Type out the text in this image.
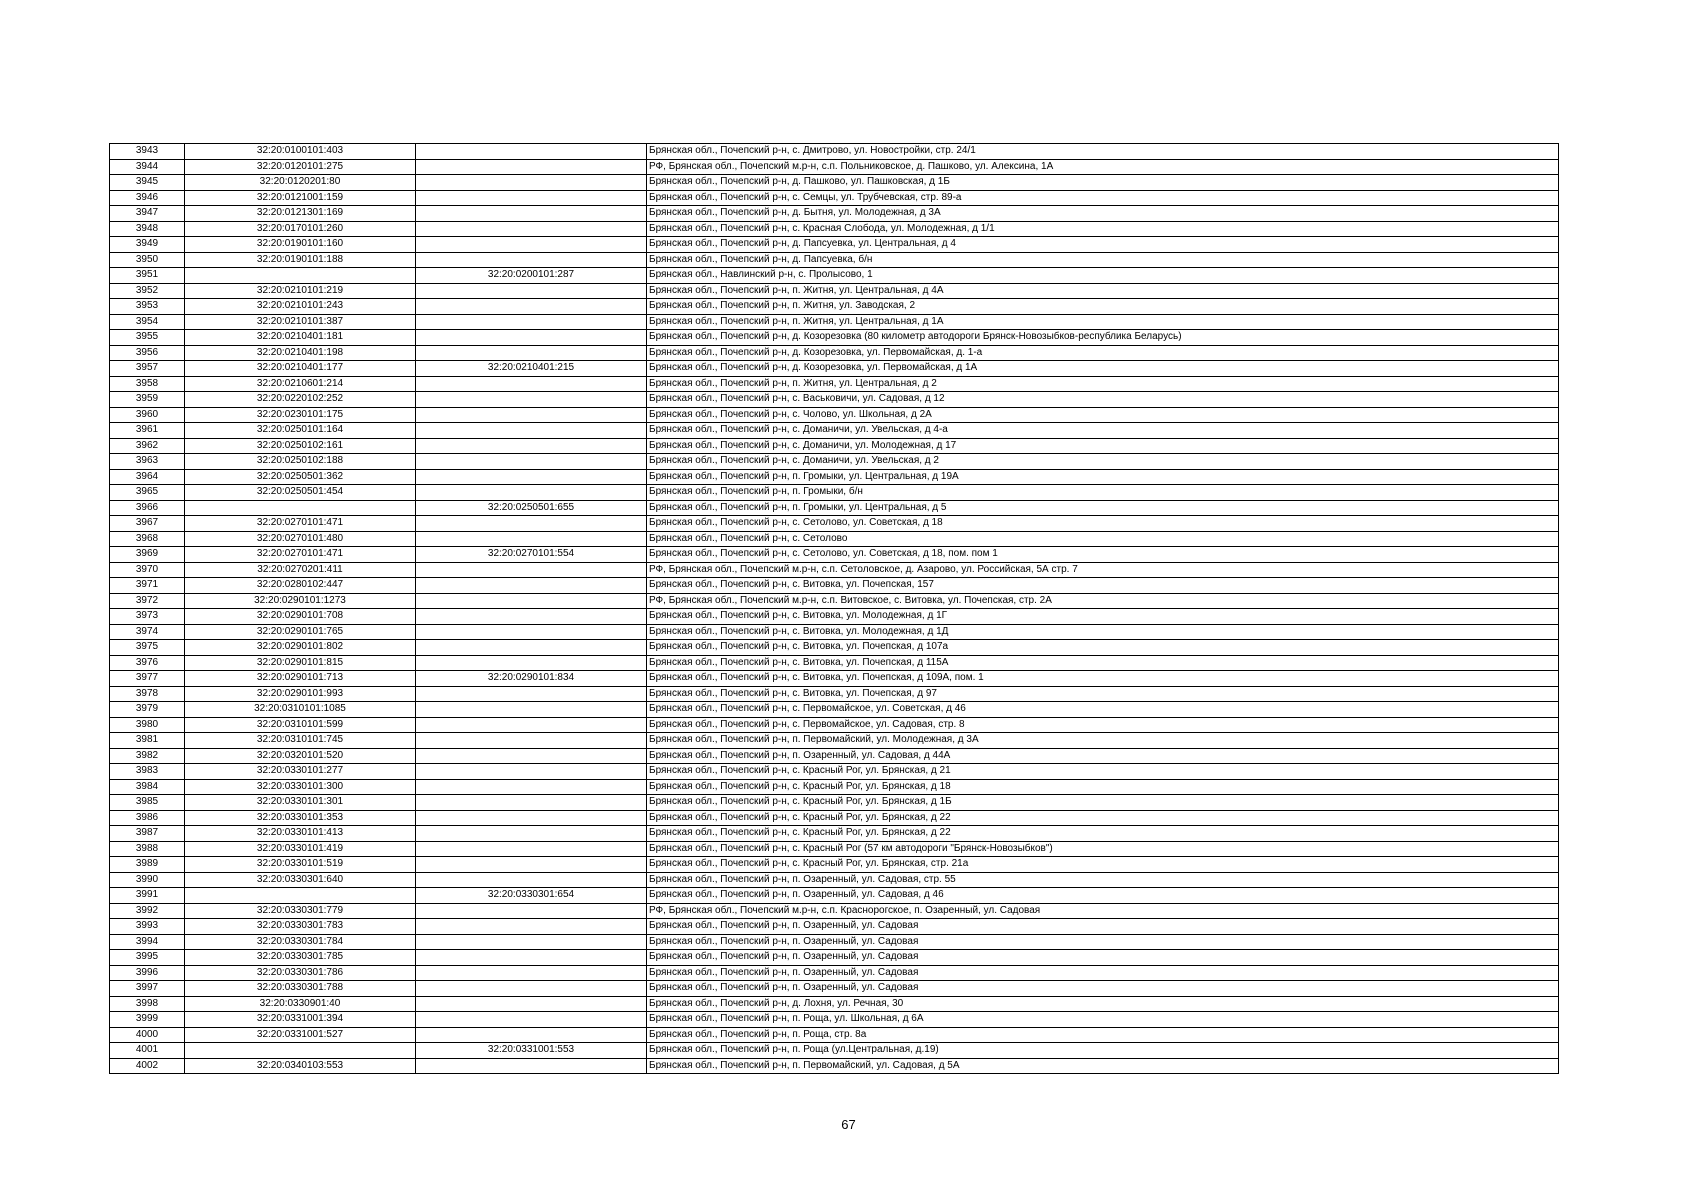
3943	32:20:0100101:403		Брянская обл., Почепский р-н, с. Дмитрово, ул. Новостройки, стр. 24/1
3944	32:20:0120101:275		РФ, Брянская обл., Почепский м.р-н, с.п. Польниковское, д. Пашково, ул. Алексина, 1А
3945	32:20:0120201:80		Брянская обл., Почепский р-н, д. Пашково, ул. Пашковская, д 1Б
3946	32:20:0121001:159		Брянская обл., Почепский р-н, с. Семцы, ул. Трубчевская, стр. 89-а
3947	32:20:0121301:169		Брянская обл., Почепский р-н, д. Бытня, ул. Молодежная, д 3А
3948	32:20:0170101:260		Брянская обл., Почепский р-н, с. Красная Слобода, ул. Молодежная, д 1/1
3949	32:20:0190101:160		Брянская обл., Почепский р-н, д. Папсуевка, ул. Центральная, д 4
3950	32:20:0190101:188		Брянская обл., Почепский р-н, д. Папсуевка, б/н
3951		32:20:0200101:287	Брянская обл., Навлинский р-н, с. Пролысово, 1
3952	32:20:0210101:219		Брянская обл., Почепский р-н, п. Житня, ул. Центральная, д 4А
3953	32:20:0210101:243		Брянская обл., Почепский р-н, п. Житня, ул. Заводская, 2
3954	32:20:0210101:387		Брянская обл., Почепский р-н, п. Житня, ул. Центральная, д 1А
3955	32:20:0210401:181		Брянская обл., Почепский р-н, д. Козорезовка (80 километр автодороги Брянск-Новозыбков-республика Беларусь)
3956	32:20:0210401:198		Брянская обл., Почепский р-н, д. Козорезовка, ул. Первомайская, д. 1-а
3957	32:20:0210401:177	32:20:0210401:215	Брянская обл., Почепский р-н, д. Козорезовка, ул. Первомайская, д 1А
3958	32:20:0210601:214		Брянская обл., Почепский р-н, п. Житня, ул. Центральная, д 2
3959	32:20:0220102:252		Брянская обл., Почепский р-н, с. Васьковичи, ул. Садовая, д 12
3960	32:20:0230101:175		Брянская обл., Почепский р-н, с. Чолово, ул. Школьная, д 2А
3961	32:20:0250101:164		Брянская обл., Почепский р-н, с. Доманичи, ул. Увельская, д 4-а
3962	32:20:0250102:161		Брянская обл., Почепский р-н, с. Доманичи, ул. Молодежная, д 17
3963	32:20:0250102:188		Брянская обл., Почепский р-н, с. Доманичи, ул. Увельская, д 2
3964	32:20:0250501:362		Брянская обл., Почепский р-н, п. Громыки, ул. Центральная, д 19А
3965	32:20:0250501:454		Брянская обл., Почепский р-н, п. Громыки, б/н
3966		32:20:0250501:655	Брянская обл., Почепский р-н, п. Громыки, ул. Центральная, д 5
3967	32:20:0270101:471		Брянская обл., Почепский р-н, с. Сетолово, ул. Советская, д 18
3968	32:20:0270101:480		Брянская обл., Почепский р-н, с. Сетолово
3969	32:20:0270101:471	32:20:0270101:554	Брянская обл., Почепский р-н, с. Сетолово, ул. Советская, д 18, пом. пом 1
3970	32:20:0270201:411		РФ, Брянская обл., Почепский м.р-н, с.п. Сетоловское, д. Азарово, ул. Российская, 5А стр. 7
3971	32:20:0280102:447		Брянская обл., Почепский р-н, с. Витовка, ул. Почепская, 157
3972	32:20:0290101:1273		РФ, Брянская обл., Почепский м.р-н, с.п. Витовское, с. Витовка, ул. Почепская, стр. 2А
3973	32:20:0290101:708		Брянская обл., Почепский р-н, с. Витовка, ул. Молодежная, д 1Г
3974	32:20:0290101:765		Брянская обл., Почепский р-н, с. Витовка, ул. Молодежная, д 1Д
3975	32:20:0290101:802		Брянская обл., Почепский р-н, с. Витовка, ул. Почепская, д 107а
3976	32:20:0290101:815		Брянская обл., Почепский р-н, с. Витовка, ул. Почепская, д 115А
3977	32:20:0290101:713	32:20:0290101:834	Брянская обл., Почепский р-н, с. Витовка, ул. Почепская, д 109А, пом. 1
3978	32:20:0290101:993		Брянская обл., Почепский р-н, с. Витовка, ул. Почепская, д 97
3979	32:20:0310101:1085		Брянская обл., Почепский р-н, с. Первомайское, ул. Советская, д 46
3980	32:20:0310101:599		Брянская обл., Почепский р-н, с. Первомайское, ул. Садовая, стр. 8
3981	32:20:0310101:745		Брянская обл., Почепский р-н, п. Первомайский, ул. Молодежная, д 3А
3982	32:20:0320101:520		Брянская обл., Почепский р-н, п. Озаренный, ул. Садовая, д 44А
3983	32:20:0330101:277		Брянская обл., Почепский р-н, с. Красный Рог, ул. Брянская, д 21
3984	32:20:0330101:300		Брянская обл., Почепский р-н, с. Красный Рог, ул. Брянская, д 18
3985	32:20:0330101:301		Брянская обл., Почепский р-н, с. Красный Рог, ул. Брянская, д 1Б
3986	32:20:0330101:353		Брянская обл., Почепский р-н, с. Красный Рог, ул. Брянская, д 22
3987	32:20:0330101:413		Брянская обл., Почепский р-н, с. Красный Рог, ул. Брянская, д 22
3988	32:20:0330101:419		Брянская обл., Почепский р-н, с. Красный Рог (57 км автодороги "Брянск-Новозыбков")
3989	32:20:0330101:519		Брянская обл., Почепский р-н, с. Красный Рог, ул. Брянская, стр. 21а
3990	32:20:0330301:640		Брянская обл., Почепский р-н, п. Озаренный, ул. Садовая, стр. 55
3991		32:20:0330301:654	Брянская обл., Почепский р-н, п. Озаренный, ул. Садовая, д 46
3992	32:20:0330301:779		РФ, Брянская обл., Почепский м.р-н, с.п. Краснорогское, п. Озаренный, ул. Садовая
3993	32:20:0330301:783		Брянская обл., Почепский р-н, п. Озаренный, ул. Садовая
3994	32:20:0330301:784		Брянская обл., Почепский р-н, п. Озаренный, ул. Садовая
3995	32:20:0330301:785		Брянская обл., Почепский р-н, п. Озаренный, ул. Садовая
3996	32:20:0330301:786		Брянская обл., Почепский р-н, п. Озаренный, ул. Садовая
3997	32:20:0330301:788		Брянская обл., Почепский р-н, п. Озаренный, ул. Садовая
3998	32:20:0330901:40		Брянская обл., Почепский р-н, д. Лохня, ул. Речная, 30
3999	32:20:0331001:394		Брянская обл., Почепский р-н, п. Роща, ул. Школьная, д 6А
4000	32:20:0331001:527		Брянская обл., Почепский р-н, п. Роща, стр. 8а
4001		32:20:0331001:553	Брянская обл., Почепский р-н, п. Роща (ул.Центральная, д.19)
4002	32:20:0340103:553		Брянская обл., Почепский р-н, п. Первомайский, ул. Садовая, д 5А
67
